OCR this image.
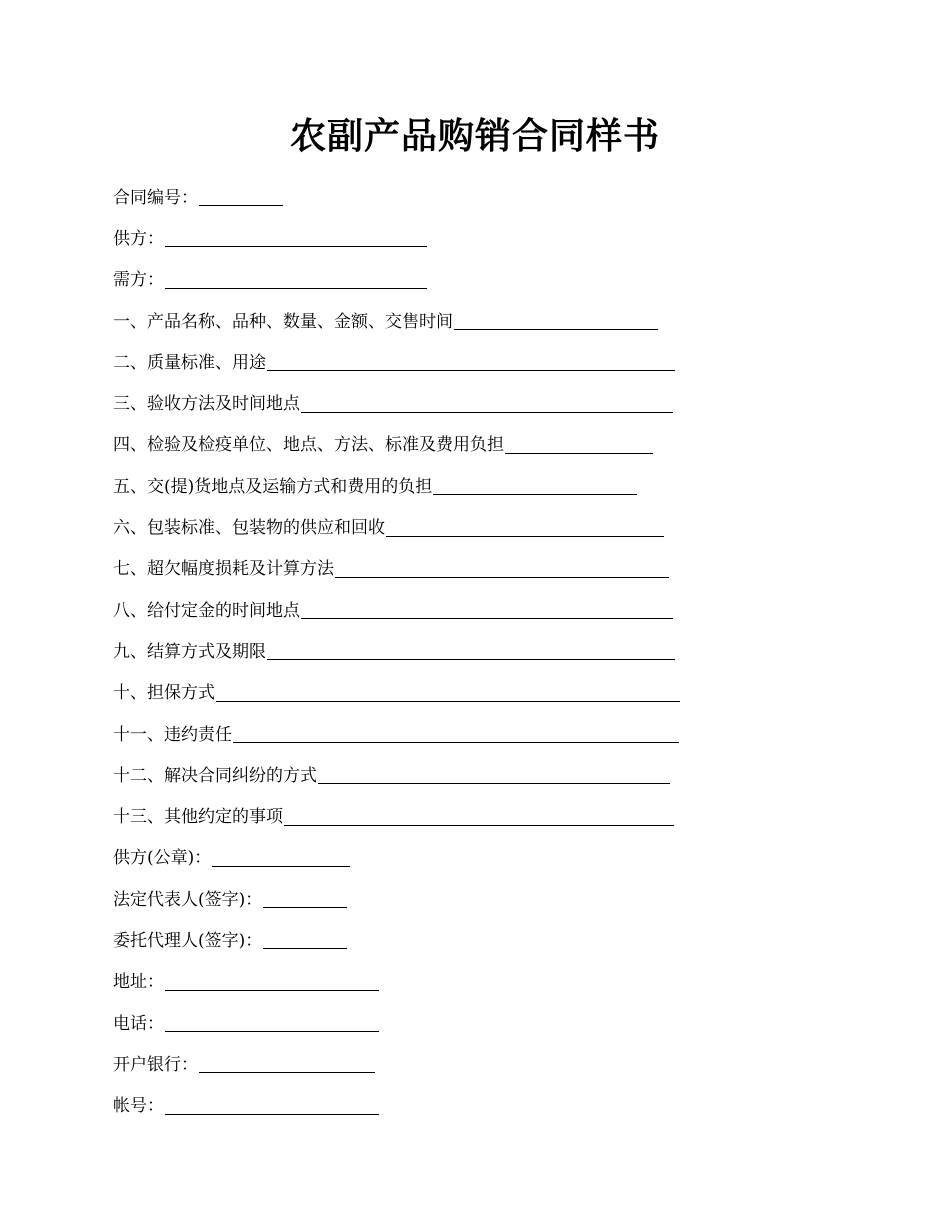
农副产品购销合同样书
合同编号：
供方：
需方：
一、产品名称、品种、数量、金额、交售时间
二、质量标准、用途
三、验收方法及时间地点
四、检验及检疫单位、地点、方法、标准及费用负担
五、交(提)货地点及运输方式和费用的负担
六、包装标准、包装物的供应和回收
七、超欠幅度损耗及计算方法
八、给付定金的时间地点
九、结算方式及期限
十、担保方式
十一、违约责任
十二、解决合同纠纷的方式
十三、其他约定的事项
供方(公章)：
法定代表人(签字)：
委托代理人(签字)：
地址：
电话：
开户银行：
帐号：
